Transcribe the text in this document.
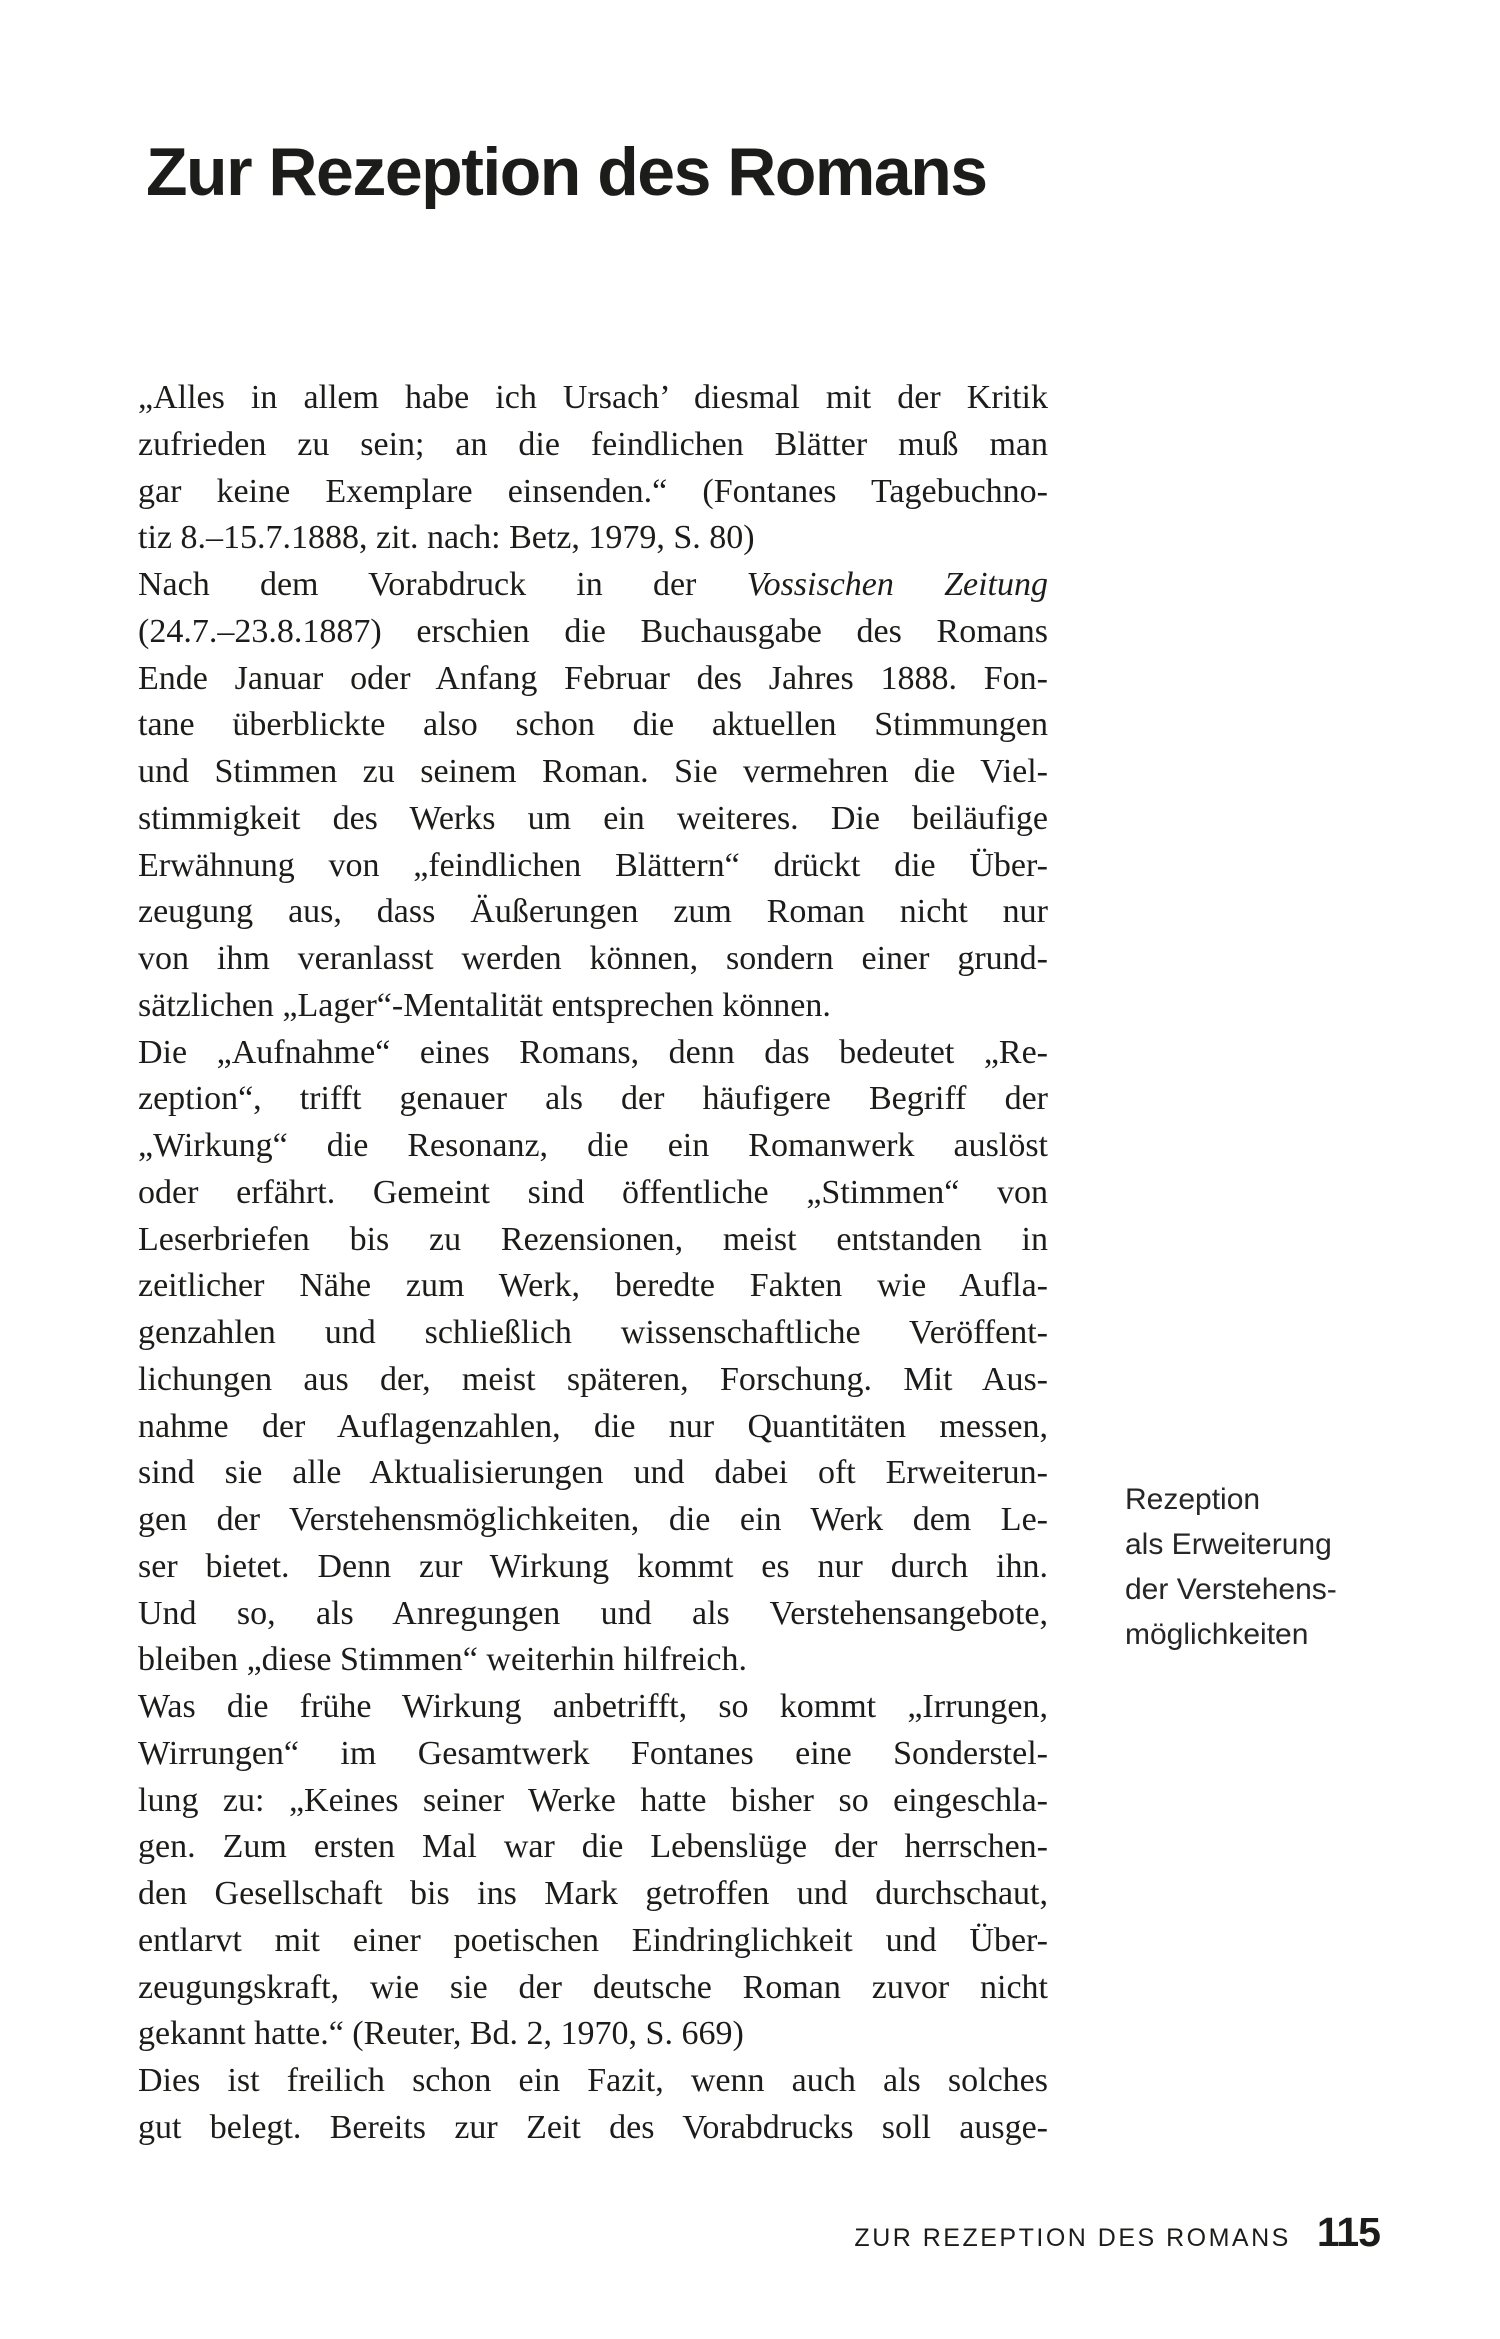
Zur Rezeption des Romans
„Alles in allem habe ich Ursach’ diesmal mit der Kritik
zufrieden zu sein; an die feindlichen Blätter muß man
gar keine Exemplare einsenden.“ (Fontanes Tagebuchno-
tiz 8.–15.7.1888, zit. nach: Betz, 1979, S. 80)
Nach dem Vorabdruck in der Vossischen Zeitung
(24.7.–23.8.1887) erschien die Buchausgabe des Romans
Ende Januar oder Anfang Februar des Jahres 1888. Fon-
tane überblickte also schon die aktuellen Stimmungen
und Stimmen zu seinem Roman. Sie vermehren die Viel-
stimmigkeit des Werks um ein weiteres. Die beiläufige
Erwähnung von „feindlichen Blättern“ drückt die Über-
zeugung aus, dass Äußerungen zum Roman nicht nur
von ihm veranlasst werden können, sondern einer grund-
sätzlichen „Lager“-Mentalität entsprechen können.
Die „Aufnahme“ eines Romans, denn das bedeutet „Re-
zeption“, trifft genauer als der häufigere Begriff der
„Wirkung“ die Resonanz, die ein Romanwerk auslöst
oder erfährt. Gemeint sind öffentliche „Stimmen“ von
Leserbriefen bis zu Rezensionen, meist entstanden in
zeitlicher Nähe zum Werk, beredte Fakten wie Aufla-
genzahlen und schließlich wissenschaftliche Veröffent-
lichungen aus der, meist späteren, Forschung. Mit Aus-
nahme der Auflagenzahlen, die nur Quantitäten messen,
sind sie alle Aktualisierungen und dabei oft Erweiterun-
gen der Verstehensmöglichkeiten, die ein Werk dem Le-
ser bietet. Denn zur Wirkung kommt es nur durch ihn.
Und so, als Anregungen und als Verstehensangebote,
bleiben „diese Stimmen“ weiterhin hilfreich.
Was die frühe Wirkung anbetrifft, so kommt „Irrungen,
Wirrungen“ im Gesamtwerk Fontanes eine Sonderstel-
lung zu: „Keines seiner Werke hatte bisher so eingeschla-
gen. Zum ersten Mal war die Lebenslüge der herrschen-
den Gesellschaft bis ins Mark getroffen und durchschaut,
entlarvt mit einer poetischen Eindringlichkeit und Über-
zeugungskraft, wie sie der deutsche Roman zuvor nicht
gekannt hatte.“ (Reuter, Bd. 2, 1970, S. 669)
Dies ist freilich schon ein Fazit, wenn auch als solches
gut belegt. Bereits zur Zeit des Vorabdrucks soll ausge-
Rezeption
als Erweiterung
der Verstehens-
möglichkeiten
ZUR REZEPTION DES ROMANS 115
